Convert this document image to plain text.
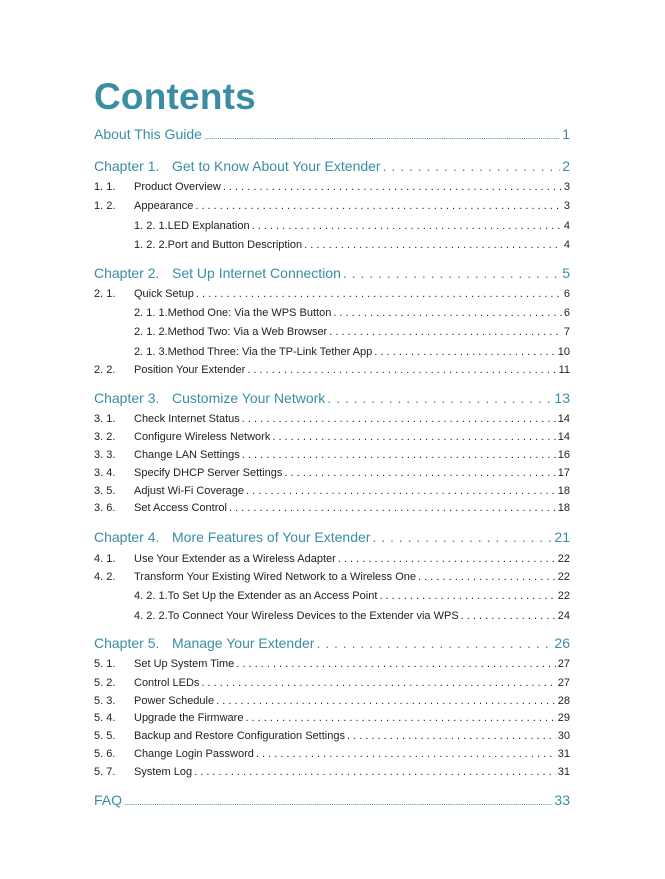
Contents
About This Guide .....	1
Chapter 1. Get to Know About Your Extender . . .	2
1. 1.	Product Overview . . .	3
1. 2.	Appearance . . .	3
1. 2. 1. LED Explanation . . .	4
1. 2. 2. Port and Button Description . . .	4
Chapter 2. Set Up Internet Connection . . .	5
2. 1.	Quick Setup . . .	6
2. 1. 1. Method One: Via the WPS Button . . .	6
2. 1. 2. Method Two: Via a Web Browser . . .	7
2. 1. 3. Method Three: Via the TP-Link Tether App . . .	10
2. 2.	Position Your Extender . . .	11
Chapter 3. Customize Your Network . . .	13
3. 1.	Check Internet Status . . .	14
3. 2.	Configure Wireless Network . . .	14
3. 3.	Change LAN Settings . . .	16
3. 4.	Specify DHCP Server Settings . . .	17
3. 5.	Adjust Wi-Fi Coverage . . .	18
3. 6.	Set Access Control . . .	18
Chapter 4. More Features of Your Extender . . .	21
4. 1.	Use Your Extender as a Wireless Adapter . . .	22
4. 2.	Transform Your Existing Wired Network to a Wireless One . . .	22
4. 2. 1. To Set Up the Extender as an Access Point . . .	22
4. 2. 2. To Connect Your Wireless Devices to the Extender via WPS . . .	24
Chapter 5. Manage Your Extender . . .	26
5. 1.	Set Up System Time . . .	27
5. 2.	Control LEDs . . .	27
5. 3.	Power Schedule . . .	28
5. 4.	Upgrade the Firmware . . .	29
5. 5.	Backup and Restore Configuration Settings . . .	30
5. 6.	Change Login Password . . .	31
5. 7.	System Log . . .	31
FAQ .....	33
